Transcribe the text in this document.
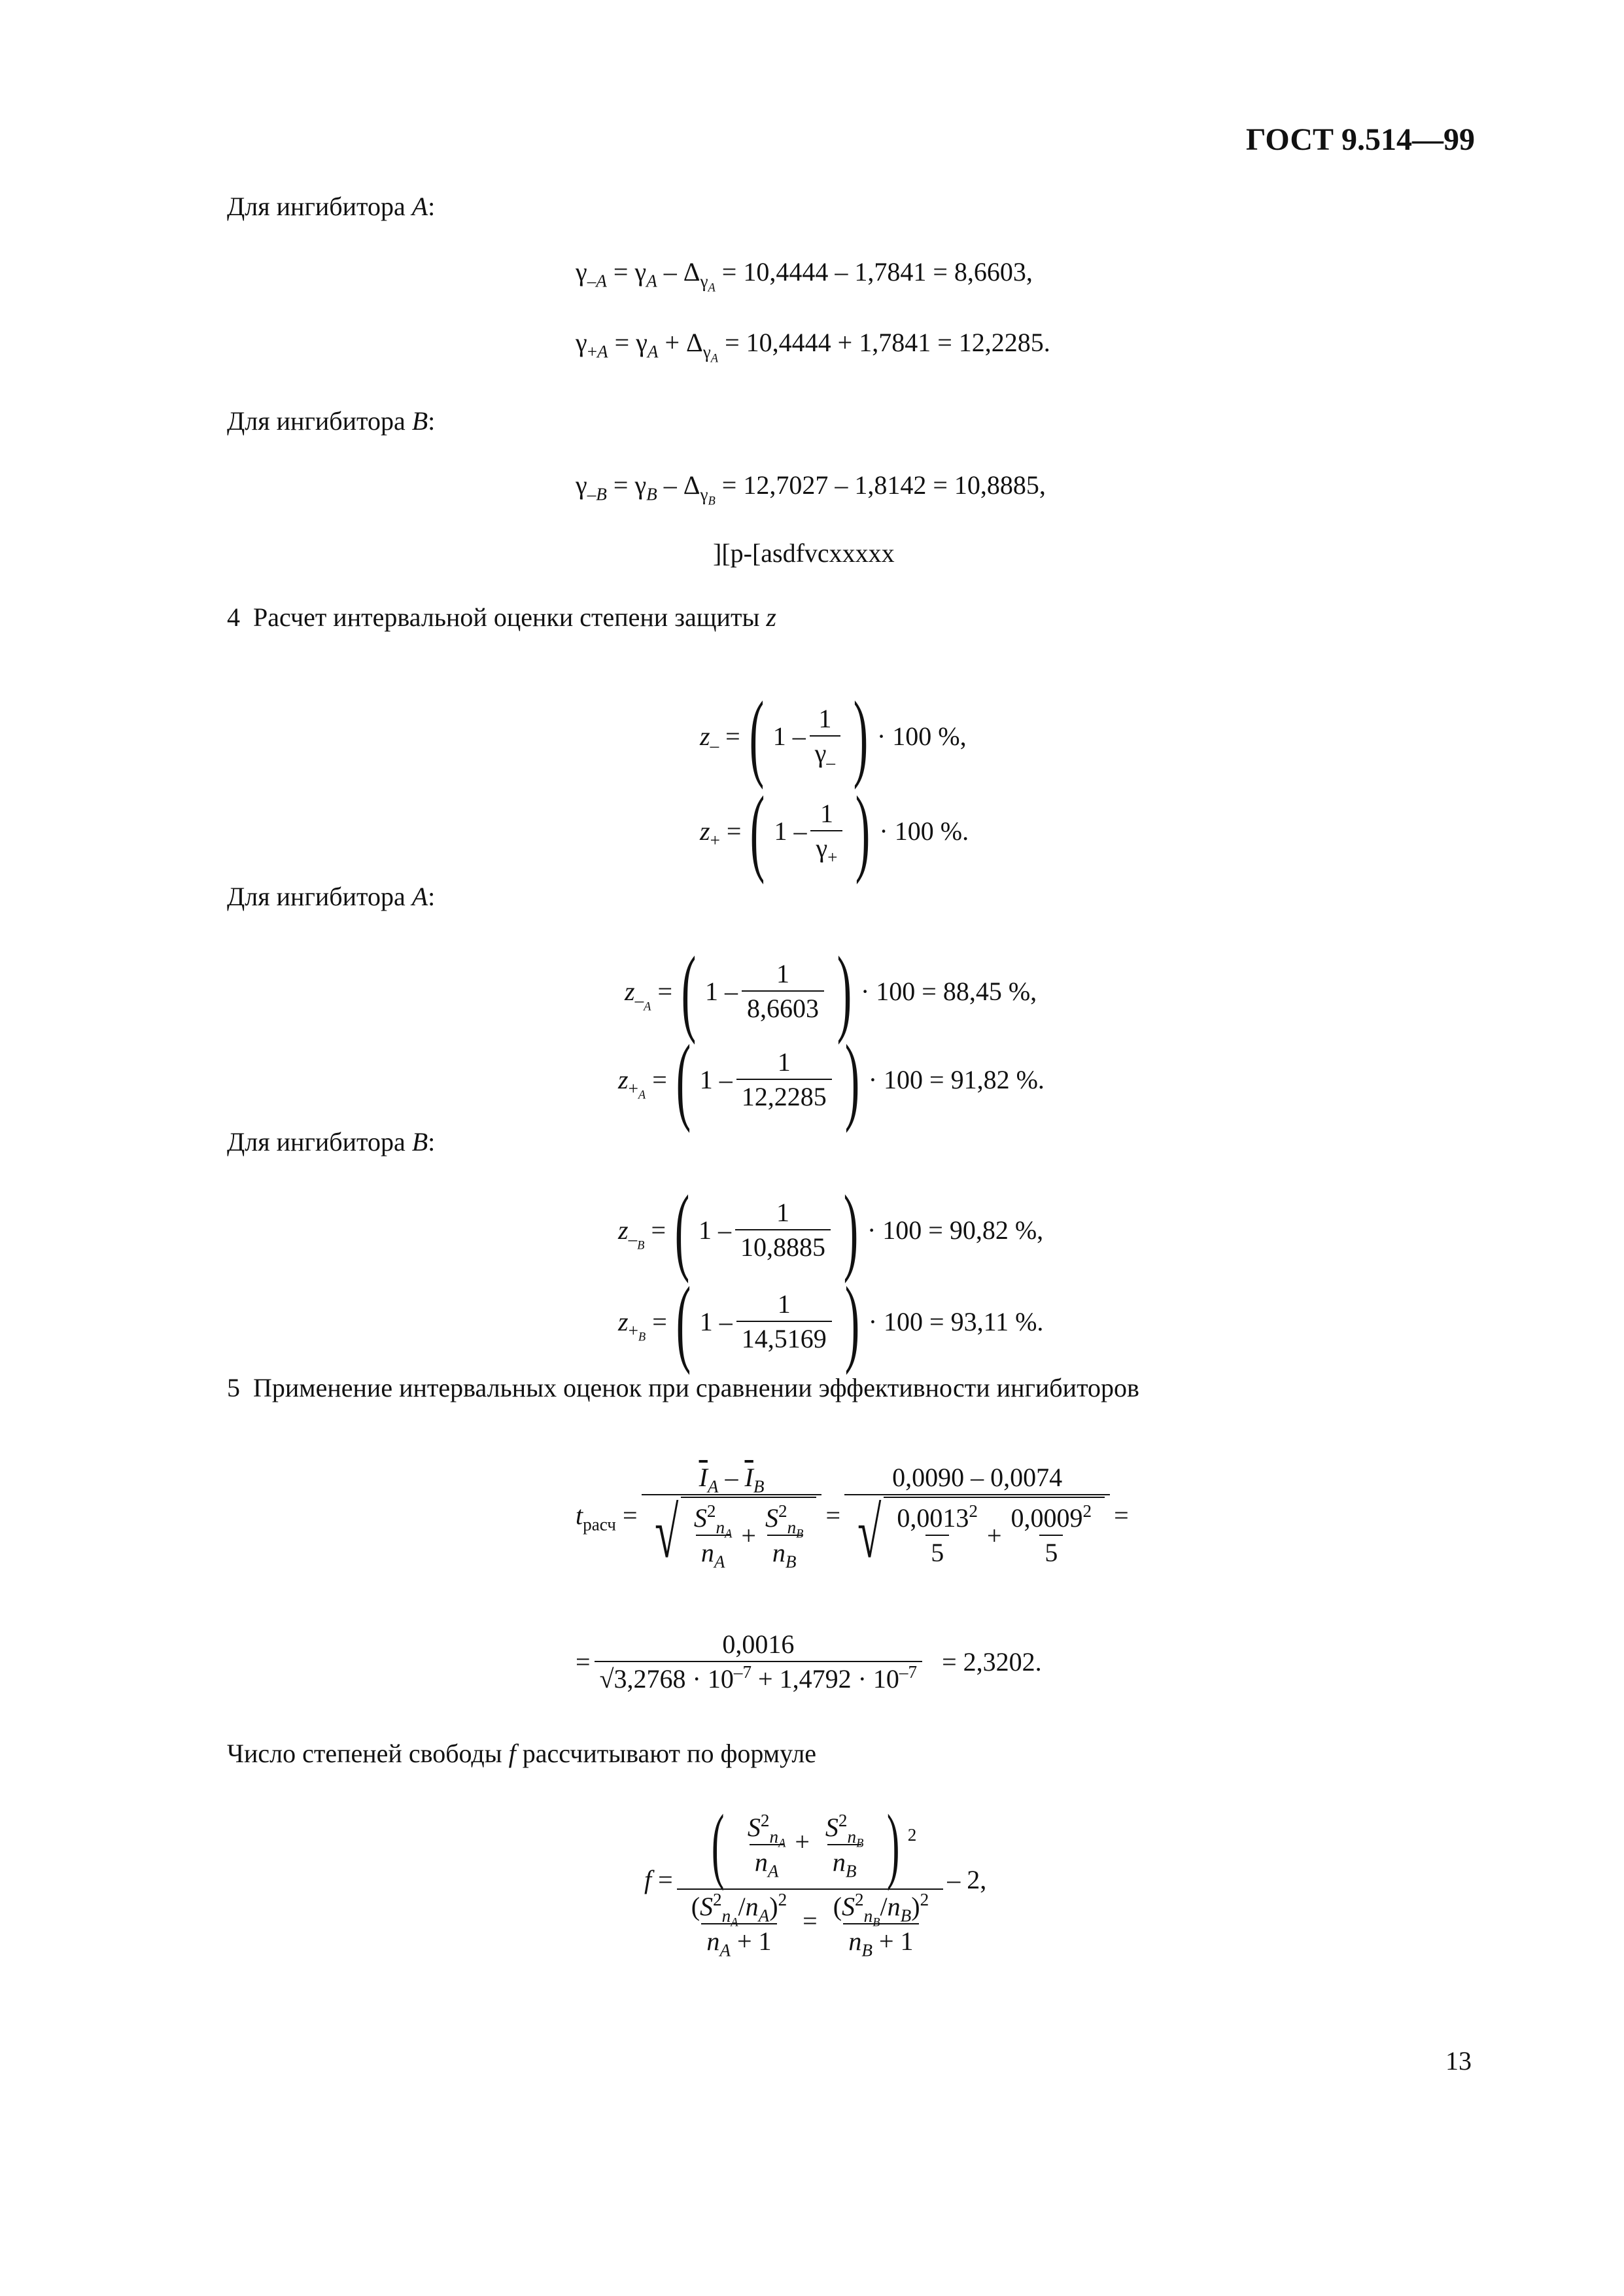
ГОСТ 9.514—99
Для ингибитора А:
$\gamma_{-A} = \gamma_A - \Delta_{\gamma_A} = 10,4444 - 1,7841 = 8,6603$,
$\gamma_{+A} = \gamma_A + \Delta_{\gamma_A} = 10,4444 + 1,7841 = 12,2285$.
Для ингибитора В:
$\gamma_{-B} = \gamma_B - \Delta_{\gamma_B} = 12,7027 - 1,8142 = 10,8885$,
][p-[asdfvcxxxxx
4 Расчет интервальной оценки степени защиты z
$z_-$ = ( $1 - \frac{1}{\gamma_-}$ ) · 100 %,
$z_+$ = ( $1 - \frac{1}{\gamma_+}$ ) · 100 %.
Для ингибитора А:
$z_{-_A}$ = ( $1 - \frac{1}{8,6603}$ ) · 100 = 88,45 %,
$z_{+_A}$ = ( $1 - \frac{1}{12,2285}$ ) · 100 = 91,82 %.
Для ингибитора В:
$z_{-_B}$ = ( $1 - \frac{1}{10,8885}$ ) · 100 = 90,82 %,
$z_{+_B}$ = ( $1 - \frac{1}{14,5169}$ ) · 100 = 93,11 %.
5 Применение интервальных оценок при сравнении эффективности ингибиторов
$t_{расч} = \frac{\overline{I}_A - \overline{I}_B}{√ \frac{S^2_{n_A}}{n_A} + \frac{S^2_{n_B}}{n_B}} = \frac{0,0090 - 0,0074}{√ \frac{0,0013^2}{5} + \frac{0,0009^2}{5}}$ =
= $\frac{0,0016}{√3,2768 \cdot 10^{-7} + 1,4792 \cdot 10^{-7}} = 2,3202$.
Число степеней свободы f рассчитывают по формуле
$f = \frac{( \frac{S^2_{n_A}}{n_A} + \frac{S^2_{n_B}}{n_B} ) ^2}{\frac{(S^2_{n_A}/n_A)^2}{n_A + 1} = \frac{(S^2_{n_B}/n_B)^2}{n_B + 1}} - 2$,
13
